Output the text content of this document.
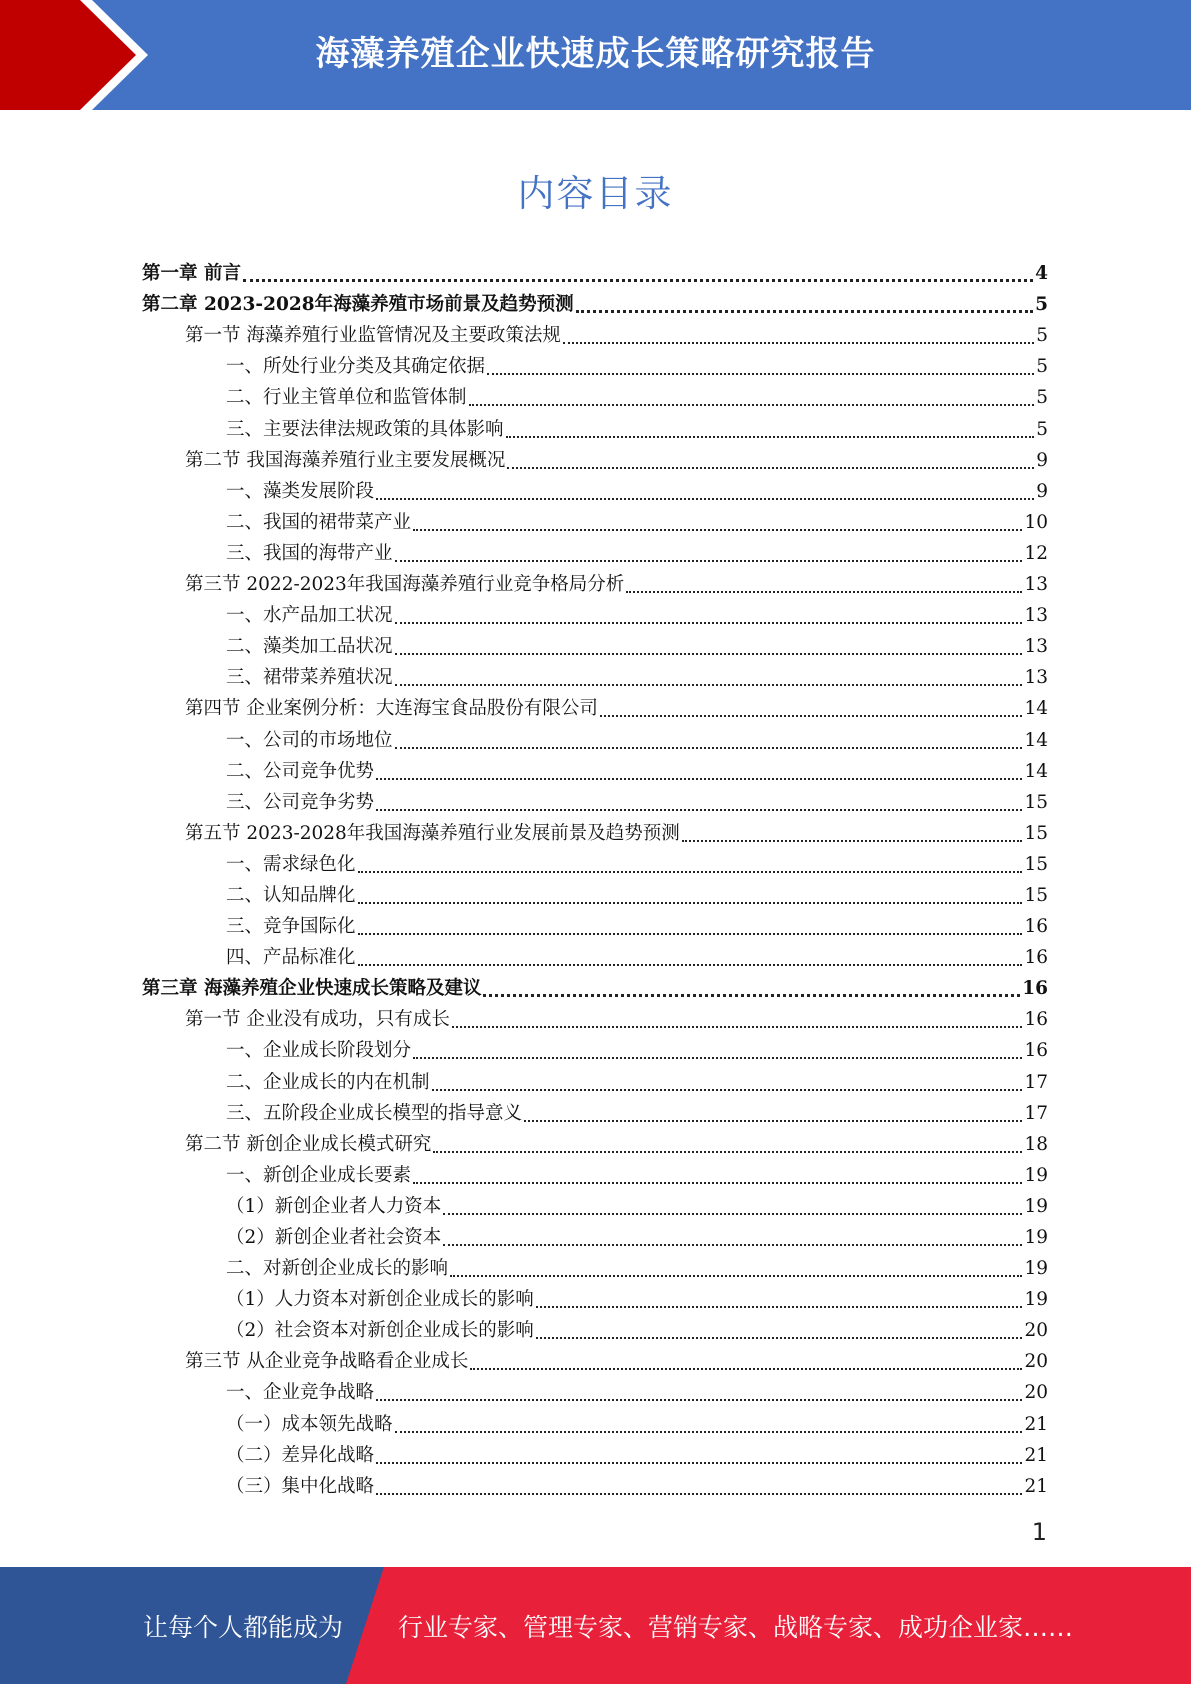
海藻养殖企业快速成长策略研究报告
内容目录
第一章 前言	4
第二章 2023-2028年海藻养殖市场前景及趋势预测	5
第一节 海藻养殖行业监管情况及主要政策法规	5
一、所处行业分类及其确定依据	5
二、行业主管单位和监管体制	5
三、主要法律法规政策的具体影响	5
第二节 我国海藻养殖行业主要发展概况	9
一、藻类发展阶段	9
二、我国的裙带菜产业	10
三、我国的海带产业	12
第三节 2022-2023年我国海藻养殖行业竞争格局分析	13
一、水产品加工状况	13
二、藻类加工品状况	13
三、裙带菜养殖状况	13
第四节 企业案例分析：大连海宝食品股份有限公司	14
一、公司的市场地位	14
二、公司竞争优势	14
三、公司竞争劣势	15
第五节 2023-2028年我国海藻养殖行业发展前景及趋势预测	15
一、需求绿色化	15
二、认知品牌化	15
三、竞争国际化	16
四、产品标准化	16
第三章 海藻养殖企业快速成长策略及建议	16
第一节 企业没有成功，只有成长	16
一、企业成长阶段划分	16
二、企业成长的内在机制	17
三、五阶段企业成长模型的指导意义	17
第二节 新创企业成长模式研究	18
一、新创企业成长要素	19
（1）新创企业者人力资本	19
（2）新创企业者社会资本	19
二、对新创企业成长的影响	19
（1）人力资本对新创企业成长的影响	19
（2）社会资本对新创企业成长的影响	20
第三节 从企业竞争战略看企业成长	20
一、企业竞争战略	20
（一）成本领先战略	21
（二）差异化战略	21
（三）集中化战略	21
1
让每个人都能成为 行业专家、管理专家、营销专家、战略专家、成功企业家……
